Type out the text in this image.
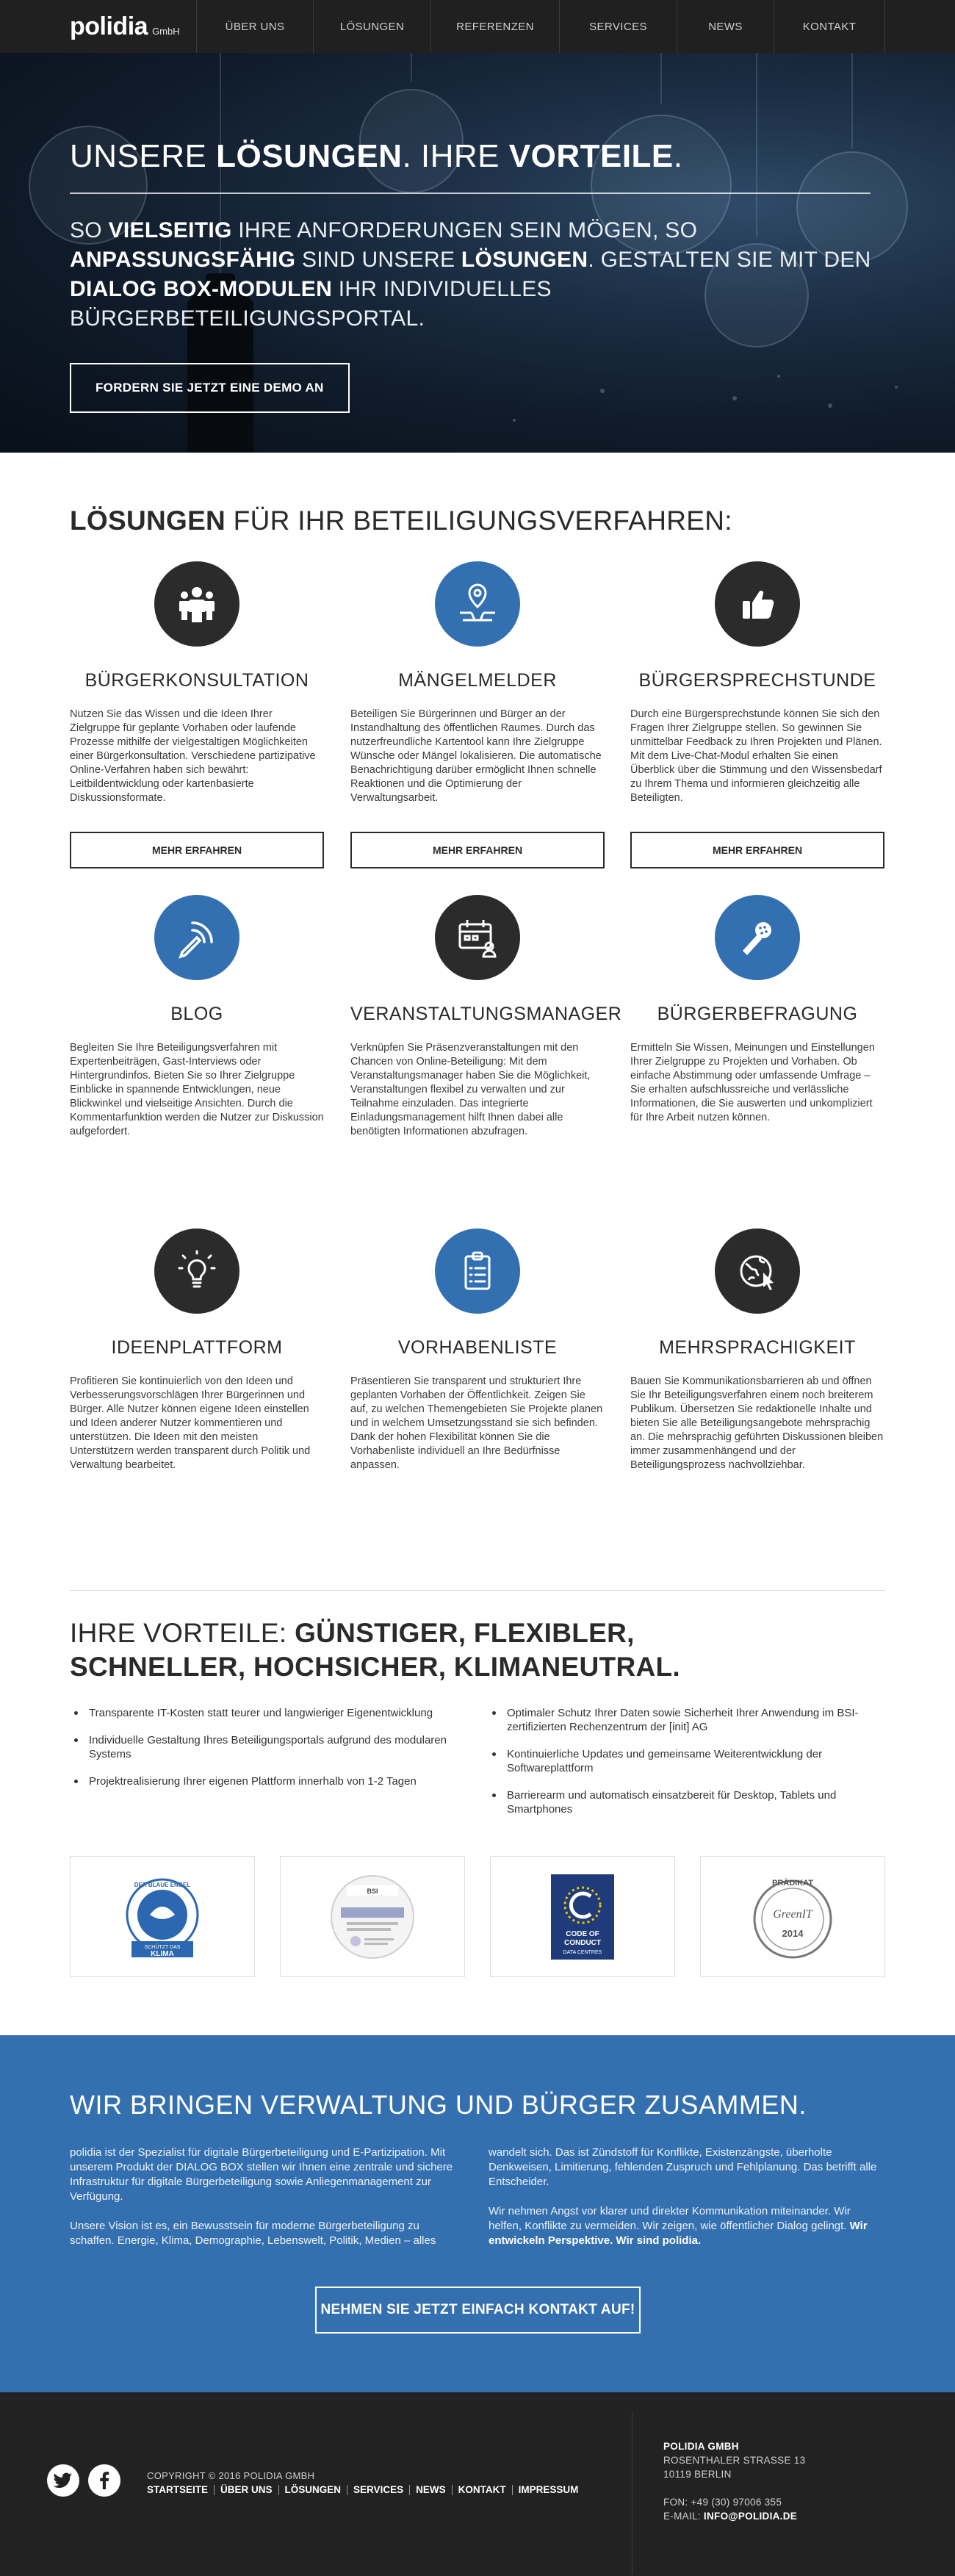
polidia GmbH	ÜBER UNS	LÖSUNGEN	REFERENZEN	SERVICES	NEWS	KONTAKT
UNSERE LÖSUNGEN. IHRE VORTEILE.

SO VIELSEITIG IHRE ANFORDERUNGEN SEIN MÖGEN, SO ANPASSUNGSFÄHIG SIND UNSERE LÖSUNGEN. GESTALTEN SIE MIT DEN DIALOG BOX-MODULEN IHR INDIVIDUELLES BÜRGERBETEILIGUNGSPORTAL.

FORDERN SIE JETZT EINE DEMO AN
LÖSUNGEN FÜR IHR BETEILIGUNGSVERFAHREN:
BÜRGERKONSULTATION

Nutzen Sie das Wissen und die Ideen Ihrer Zielgruppe für geplante Vorhaben oder laufende Prozesse mithilfe der vielgestaltigen Möglichkeiten einer Bürgerkonsultation. Verschiedene partizipative Online-Verfahren haben sich bewährt: Leitbildentwicklung oder kartenbasierte Diskussionsformate.

MEHR ERFAHREN
MÄNGELMELDER

Beteiligen Sie Bürgerinnen und Bürger an der Instandhaltung des öffentlichen Raumes. Durch das nutzerfreundliche Kartentool kann Ihre Zielgruppe Wünsche oder Mängel lokalisieren. Die automatische Benachrichtigung darüber ermöglicht Ihnen schnelle Reaktionen und die Optimierung der Verwaltungsarbeit.

MEHR ERFAHREN
BÜRGERSPRECHSTUNDE

Durch eine Bürgersprechstunde können Sie sich den Fragen Ihrer Zielgruppe stellen. So gewinnen Sie unmittelbar Feedback zu Ihren Projekten und Plänen. Mit dem Live-Chat-Modul erhalten Sie einen Überblick über die Stimmung und den Wissensbedarf zu Ihrem Thema und informieren gleichzeitig alle Beteiligten.

MEHR ERFAHREN
BLOG

Begleiten Sie Ihre Beteiligungsverfahren mit Expertenbeiträgen, Gast-Interviews oder Hintergrundinfos. Bieten Sie so Ihrer Zielgruppe Einblicke in spannende Entwicklungen, neue Blickwinkel und vielseitige Ansichten. Durch die Kommentarfunktion werden die Nutzer zur Diskussion aufgefordert.

VERANSTALTUNGSMANAGER

Verknüpfen Sie Präsenzveranstaltungen mit den Chancen von Online-Beteiligung: Mit dem Veranstaltungsmanager haben Sie die Möglichkeit, Veranstaltungen flexibel zu verwalten und zur Teilnahme einzuladen. Das integrierte Einladungsmanagement hilft Ihnen dabei alle benötigten Informationen abzufragen.

BÜRGERBEFRAGUNG

Ermitteln Sie Wissen, Meinungen und Einstellungen Ihrer Zielgruppe zu Projekten und Vorhaben. Ob einfache Abstimmung oder umfassende Umfrage – Sie erhalten aufschlussreiche und verlässliche Informationen, die Sie auswerten und unkompliziert für Ihre Arbeit nutzen können.

IDEENPLATTFORM

Profitieren Sie kontinuierlich von den Ideen und Verbesserungsvorschlägen Ihrer Bürgerinnen und Bürger. Alle Nutzer können eigene Ideen einstellen und Ideen anderer Nutzer kommentieren und unterstützen. Die Ideen mit den meisten Unterstützern werden transparent durch Politik und Verwaltung bearbeitet.

VORHABENLISTE

Präsentieren Sie transparent und strukturiert Ihre geplanten Vorhaben der Öffentlichkeit. Zeigen Sie auf, zu welchen Themengebieten Sie Projekte planen und in welchem Umsetzungsstand sie sich befinden. Dank der hohen Flexibilität können Sie die Vorhabenliste individuell an Ihre Bedürfnisse anpassen.

MEHRSPRACHIGKEIT

Bauen Sie Kommunikationsbarrieren ab und öffnen Sie Ihr Beteiligungsverfahren einem noch breiterem Publikum. Übersetzen Sie redaktionelle Inhalte und bieten Sie alle Beteiligungsangebote mehrsprachig an. Die mehrsprachig geführten Diskussionen bleiben immer zusammenhängend und der Beteiligungsprozess nachvollziehbar.

IHRE VORTEILE: GÜNSTIGER, FLEXIBLER, SCHNELLER, HOCHSICHER, KLIMANEUTRAL.
Transparente IT-Kosten statt teurer und langwieriger Eigenentwicklung
Individuelle Gestaltung Ihres Beteiligungsportals aufgrund des modularen Systems
Projektrealisierung Ihrer eigenen Plattform innerhalb von 1-2 Tagen
Optimaler Schutz Ihrer Daten sowie Sicherheit Ihrer Anwendung im BSI-zertifizierten Rechenzentrum der [init] AG
Kontinuierliche Updates und gemeinsame Weiterentwicklung der Softwareplattform
Barrierearm und automatisch einsatzbereit für Desktop, Tablets und Smartphones
DER BLAUE ENGEL
SCHÜTZT DAS
KLIMA
BSI
CODE OF
CONDUCT
DATA CENTRES
PRÄDIKAT
GreenIT
2014
WIR BRINGEN VERWALTUNG UND BÜRGER ZUSAMMEN.

polidia ist der Spezialist für digitale Bürgerbeteiligung und E-Partizipation. Mit unserem Produkt der DIALOG BOX stellen wir Ihnen eine zentrale und sichere Infrastruktur für digitale Bürgerbeteiligung sowie Anliegenmanagement zur Verfügung.

Unsere Vision ist es, ein Bewusstsein für moderne Bürgerbeteiligung zu schaffen. Energie, Klima, Demographie, Lebenswelt, Politik, Medien – alles

wandelt sich. Das ist Zündstoff für Konflikte, Existenzängste, überholte Denkweisen, Limitierung, fehlenden Zuspruch und Fehlplanung. Das betrifft alle Entscheider.

Wir nehmen Angst vor klarer und direkter Kommunikation miteinander. Wir helfen, Konflikte zu vermeiden. Wir zeigen, wie öffentlicher Dialog gelingt. Wir entwickeln Perspektive. Wir sind polidia.

NEHMEN SIE JETZT EINFACH KONTAKT AUF!
COPYRIGHT © 2016 POLIDIA GMBH
STARTSEITE	ÜBER UNS	LÖSUNGEN	SERVICES	NEWS	KONTAKT	IMPRESSUM
POLIDIA GMBH
ROSENTHALER STRASSE 13
10119 BERLIN
FON: +49 (30) 97006 355
E-MAIL: INFO@POLIDIA.DE
